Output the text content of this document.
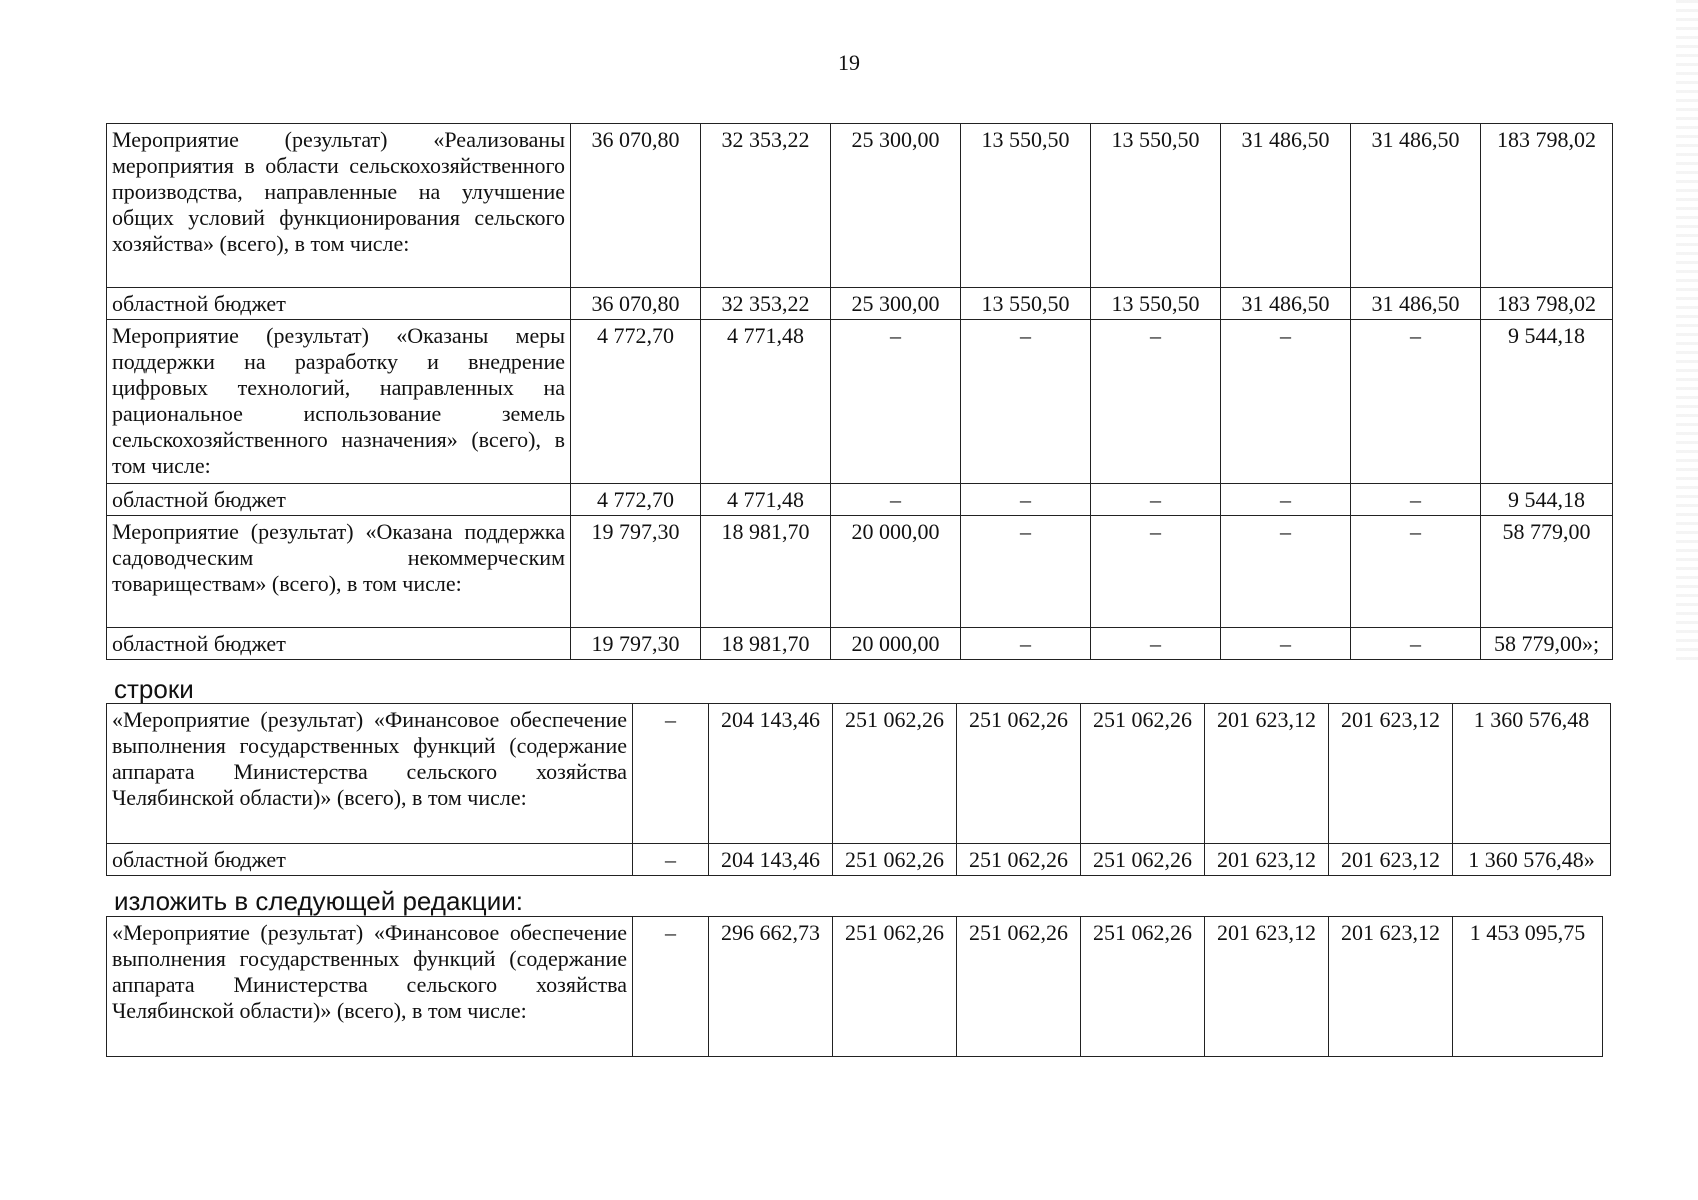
19
Мероприятие (результат) «Реализованы мероприятия в области сельскохозяйственного производства, направленные на улучшение общих условий функционирования сельского хозяйства» (всего), в том числе:	36 070,80	32 353,22	25 300,00	13 550,50	13 550,50	31 486,50	31 486,50	183 798,02
областной бюджет	36 070,80	32 353,22	25 300,00	13 550,50	13 550,50	31 486,50	31 486,50	183 798,02
Мероприятие (результат) «Оказаны меры поддержки на разработку и внедрение цифровых технологий, направленных на рациональное использование земель сельскохозяйственного назначения» (всего), в том числе:	4 772,70	4 771,48	–	–	–	–	–	9 544,18
областной бюджет	4 772,70	4 771,48	–	–	–	–	–	9 544,18
Мероприятие (результат) «Оказана поддержка садоводческим некоммерческим товариществам» (всего), в том числе:	19 797,30	18 981,70	20 000,00	–	–	–	–	58 779,00
областной бюджет	19 797,30	18 981,70	20 000,00	–	–	–	–	58 779,00»;
строки
«Мероприятие (результат) «Финансовое обеспечение выполнения государственных функций (содержание аппарата Министерства сельского хозяйства Челябинской области)» (всего), в том числе:	–	204 143,46	251 062,26	251 062,26	251 062,26	201 623,12	201 623,12	1 360 576,48
областной бюджет	–	204 143,46	251 062,26	251 062,26	251 062,26	201 623,12	201 623,12	1 360 576,48»
изложить в следующей редакции:
«Мероприятие (результат) «Финансовое обеспечение выполнения государственных функций (содержание аппарата Министерства сельского хозяйства Челябинской области)» (всего), в том числе:	–	296 662,73	251 062,26	251 062,26	251 062,26	201 623,12	201 623,12	1 453 095,75
